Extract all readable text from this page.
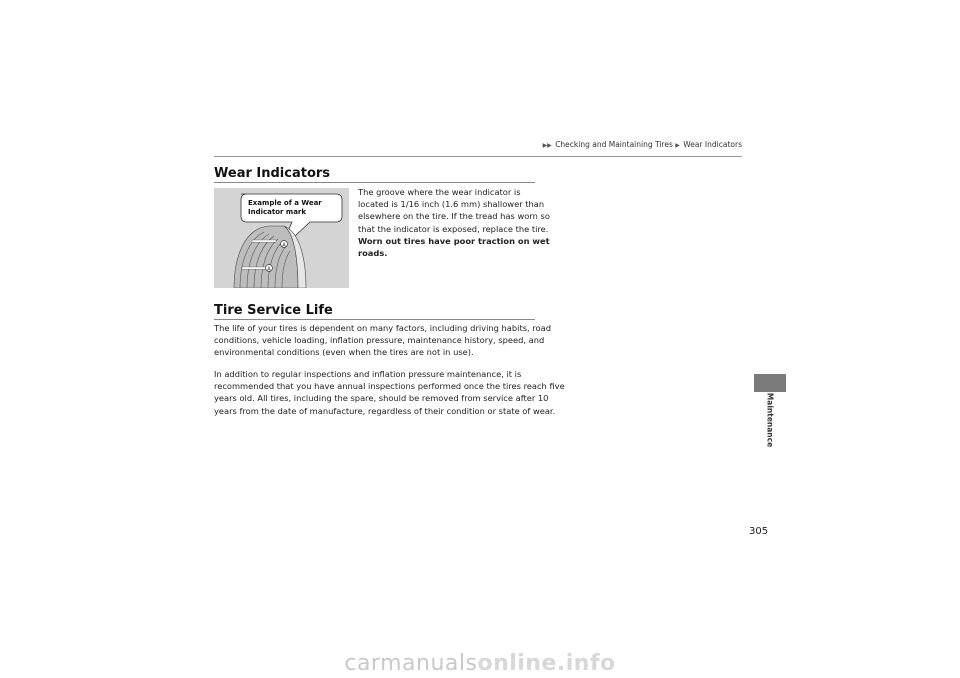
▶▶ Checking and Maintaining Tires ▶ Wear Indicators
Wear Indicators
A
A
Example of a Wear
Indicator mark
The groove where the wear indicator is
located is 1/16 inch (1.6 mm) shallower than
elsewhere on the tire. If the tread has worn so
that the indicator is exposed, replace the tire.
Worn out tires have poor traction on wet
roads.
Tire Service Life
The life of your tires is dependent on many factors, including driving habits, road
conditions, vehicle loading, inflation pressure, maintenance history, speed, and
environmental conditions (even when the tires are not in use).
In addition to regular inspections and inflation pressure maintenance, it is
recommended that you have annual inspections performed once the tires reach five
years old. All tires, including the spare, should be removed from service after 10
years from the date of manufacture, regardless of their condition or state of wear.	Maintenance
305
carmanualsonline.info
